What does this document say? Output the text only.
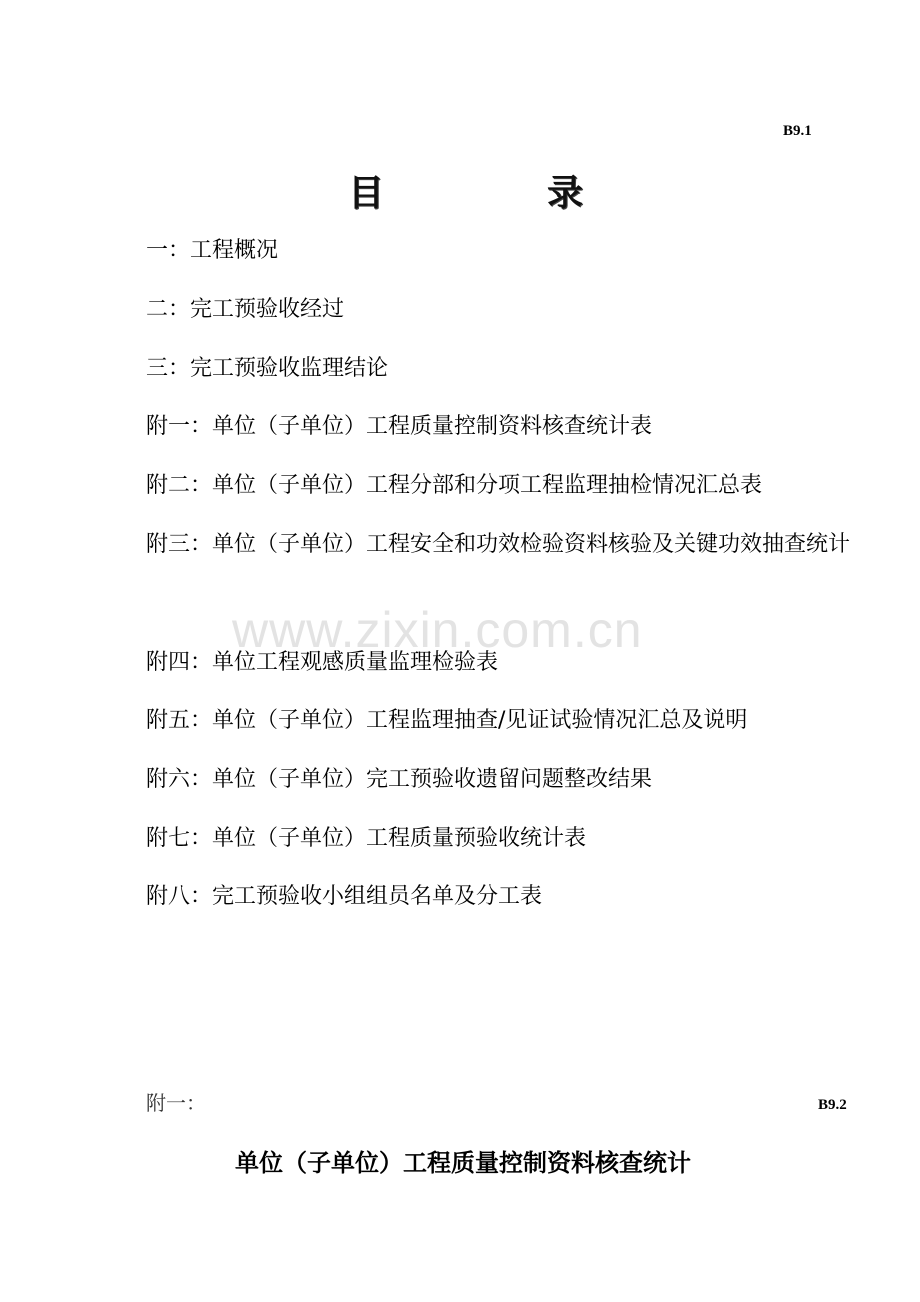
B9.1
目	录
一：工程概况
二：完工预验收经过
三：完工预验收监理结论
附一：单位（子单位）工程质量控制资料核查统计表
附二：单位（子单位）工程分部和分项工程监理抽检情况汇总表
附三：单位（子单位）工程安全和功效检验资料核验及关键功效抽查统计
附四：单位工程观感质量监理检验表
附五：单位（子单位）工程监理抽查/见证试验情况汇总及说明
附六：单位（子单位）完工预验收遗留问题整改结果
附七：单位（子单位）工程质量预验收统计表
附八：完工预验收小组组员名单及分工表
www.zixin.com.cn
附一：	B9.2
单位（子单位）工程质量控制资料核查统计
